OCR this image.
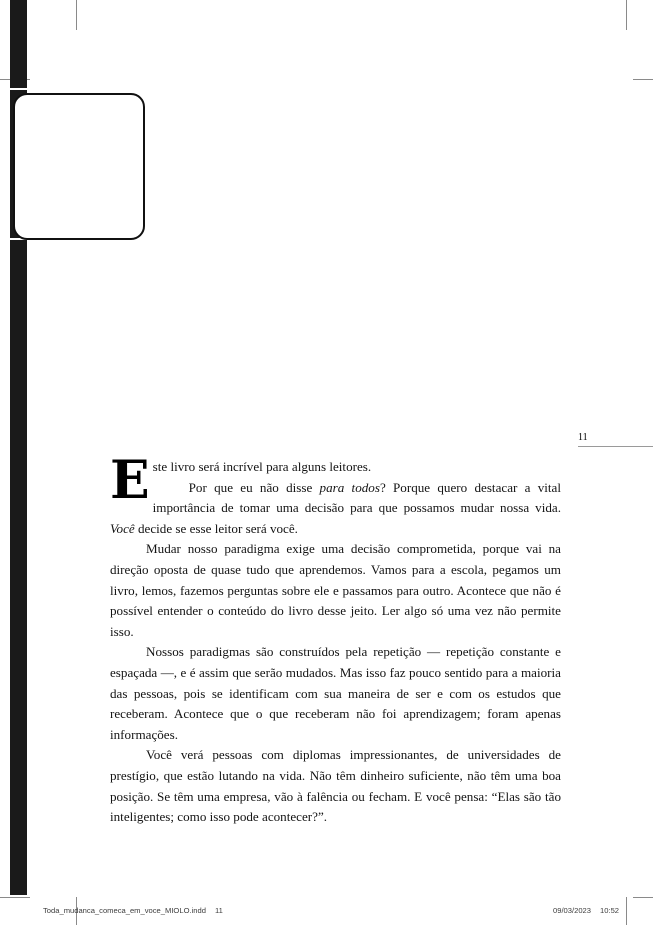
11

Este livro será incrível para alguns leitores.
Por que eu não disse para todos? Porque quero destacar a vital importância de tomar uma decisão para que possamos mudar nossa vida. Você decide se esse leitor será você.

Mudar nosso paradigma exige uma decisão comprometida, porque vai na direção oposta de quase tudo que aprendemos. Vamos para a escola, pegamos um livro, lemos, fazemos perguntas sobre ele e passamos para outro. Acontece que não é possível entender o conteúdo do livro desse jeito. Ler algo só uma vez não permite isso.

Nossos paradigmas são construídos pela repetição — repetição constante e espaçada —, e é assim que serão mudados. Mas isso faz pouco sentido para a maioria das pessoas, pois se identificam com sua maneira de ser e com os estudos que receberam. Acontece que o que receberam não foi aprendizagem; foram apenas informações.

Você verá pessoas com diplomas impressionantes, de universidades de prestígio, que estão lutando na vida. Não têm dinheiro suficiente, não têm uma boa posição. Se têm uma empresa, vão à falência ou fecham. E você pensa: “Elas são tão inteligentes; como isso pode acontecer?”.

Toda_mudanca_comeca_em_voce_MIOLO.indd 11	09/03/2023 10:52
